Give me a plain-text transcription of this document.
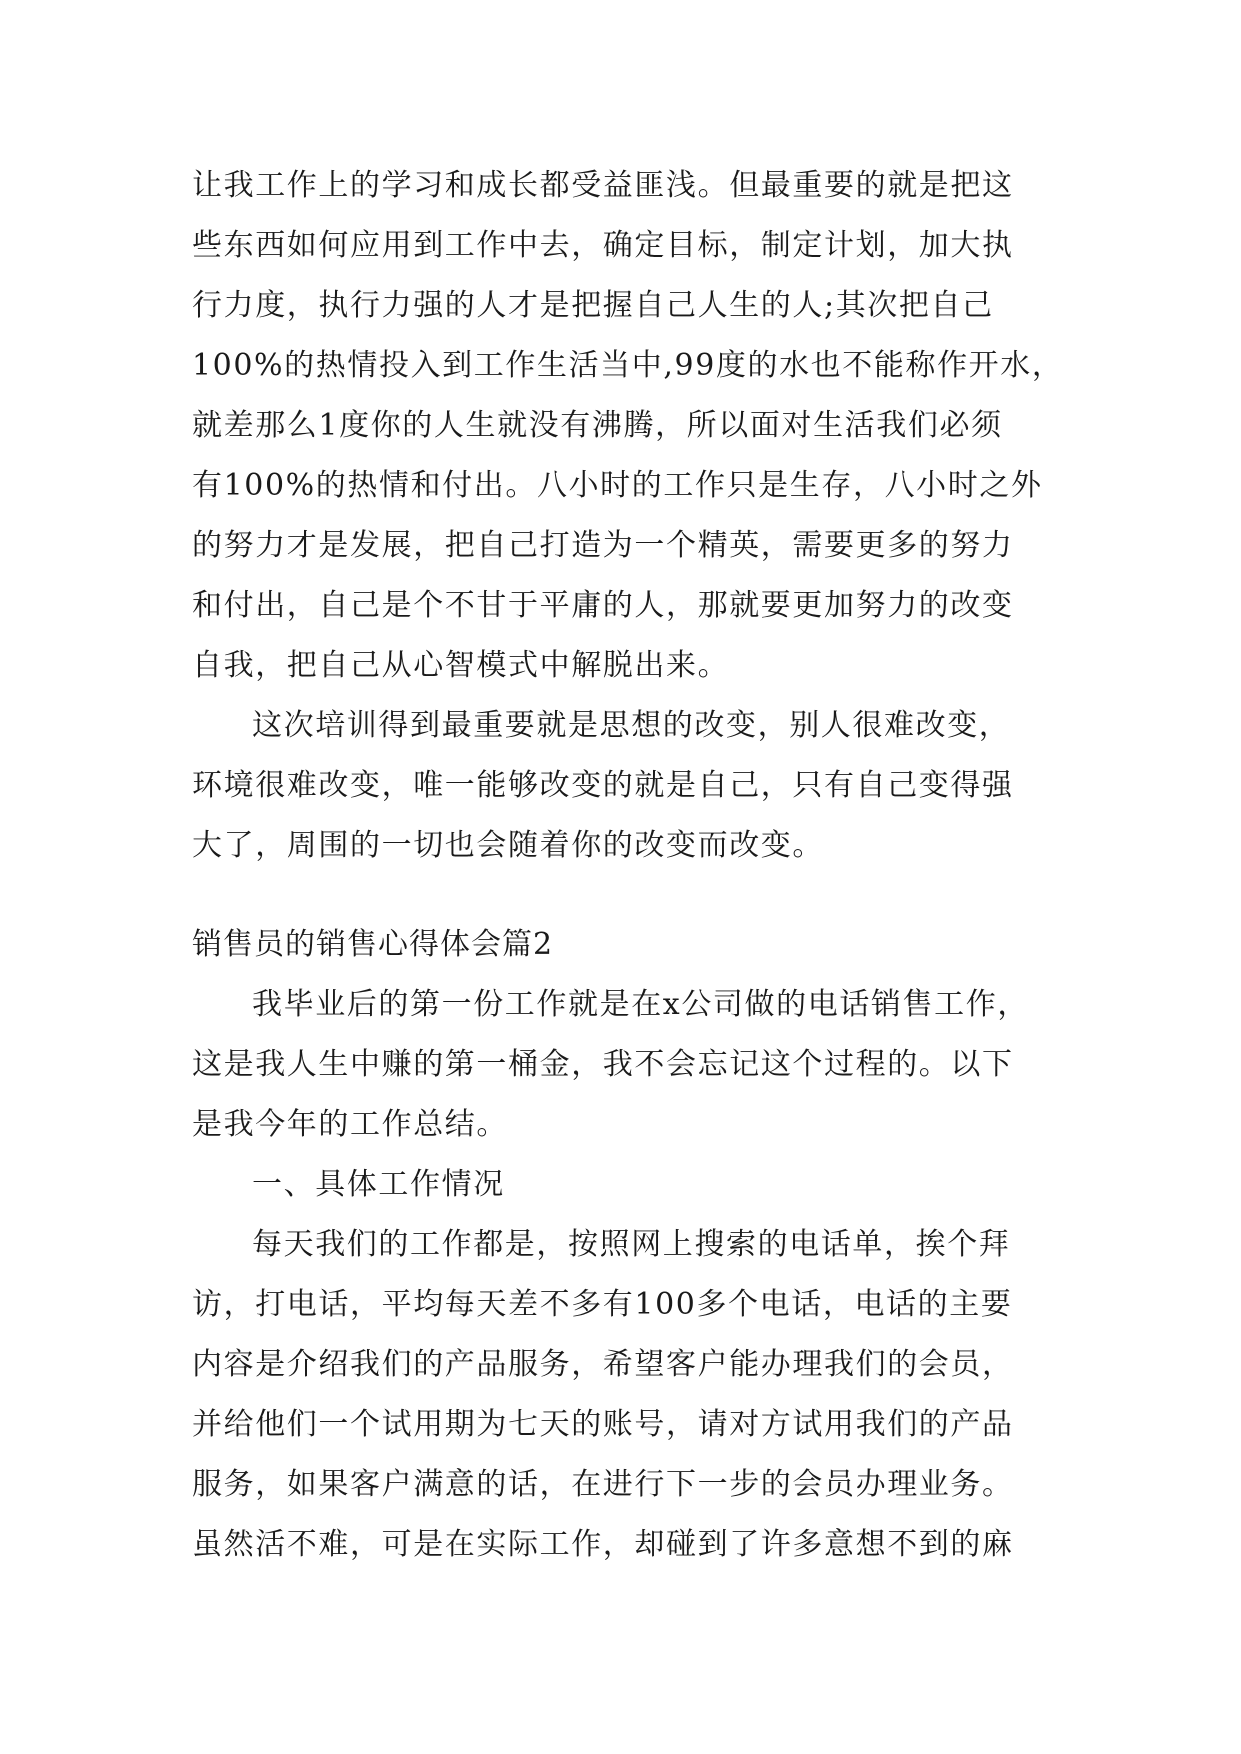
让我工作上的学习和成长都受益匪浅。但最重要的就是把这
些东西如何应用到工作中去，确定目标，制定计划，加大执
行力度，执行力强的人才是把握自己人生的人;其次把自己
100%的热情投入到工作生活当中,99度的水也不能称作开水，
就差那么1度你的人生就没有沸腾，所以面对生活我们必须
有100%的热情和付出。八小时的工作只是生存，八小时之外
的努力才是发展，把自己打造为一个精英，需要更多的努力
和付出，自己是个不甘于平庸的人，那就要更加努力的改变
自我，把自己从心智模式中解脱出来。
这次培训得到最重要就是思想的改变，别人很难改变，
环境很难改变，唯一能够改变的就是自己，只有自己变得强
大了，周围的一切也会随着你的改变而改变。
销售员的销售心得体会篇2
我毕业后的第一份工作就是在x公司做的电话销售工作，
这是我人生中赚的第一桶金，我不会忘记这个过程的。以下
是我今年的工作总结。
一、具体工作情况
每天我们的工作都是，按照网上搜索的电话单，挨个拜
访，打电话，平均每天差不多有100多个电话，电话的主要
内容是介绍我们的产品服务，希望客户能办理我们的会员，
并给他们一个试用期为七天的账号，请对方试用我们的产品
服务，如果客户满意的话，在进行下一步的会员办理业务。
虽然活不难，可是在实际工作，却碰到了许多意想不到的麻
